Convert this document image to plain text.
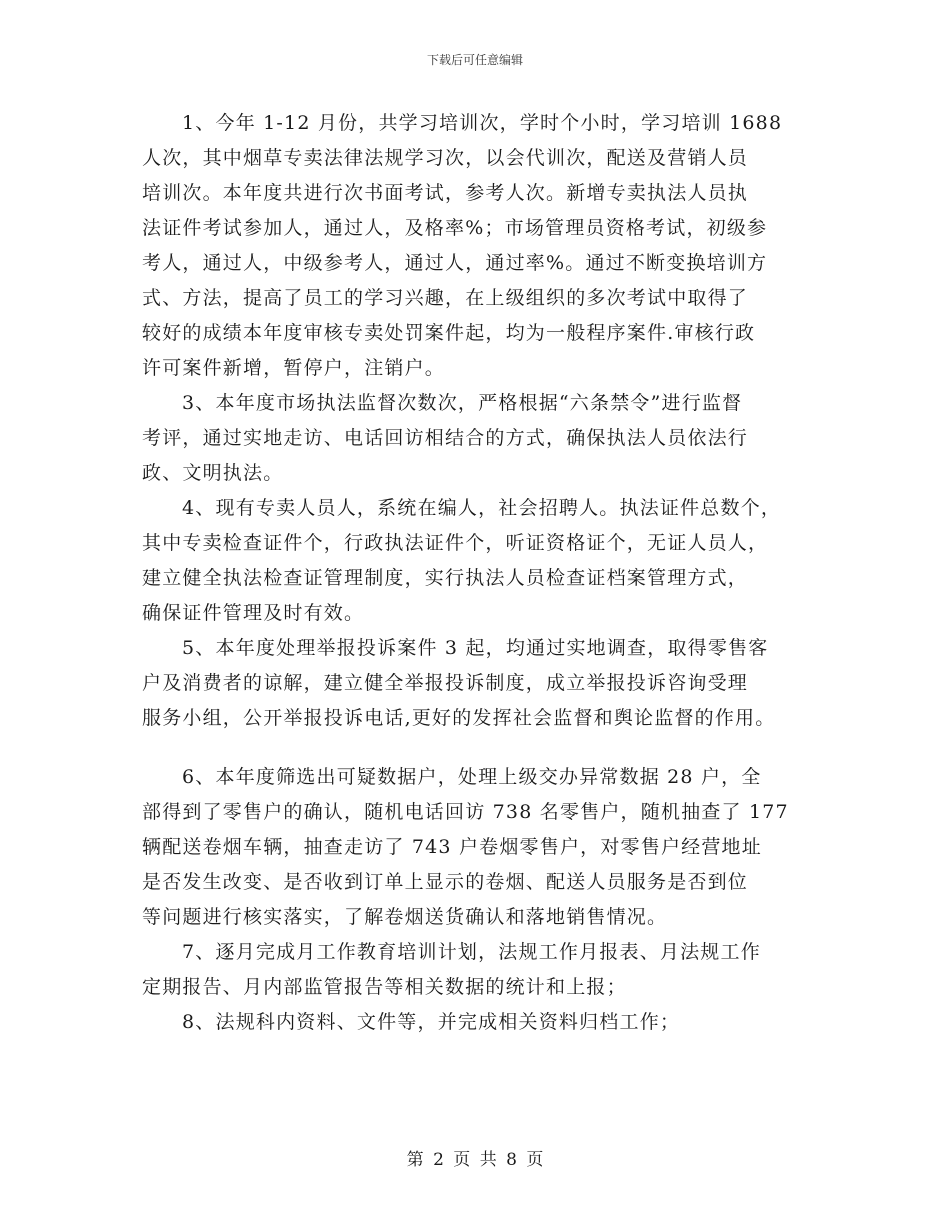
下载后可任意编辑
1、今年 1-12 月份，共学习培训次，学时个小时，学习培训 1688
人次，其中烟草专卖法律法规学习次，以会代训次，配送及营销人员
培训次。本年度共进行次书面考试，参考人次。新增专卖执法人员执
法证件考试参加人，通过人，及格率%；市场管理员资格考试，初级参
考人，通过人，中级参考人，通过人，通过率%。通过不断变换培训方
式、方法，提高了员工的学习兴趣，在上级组织的多次考试中取得了
较好的成绩本年度审核专卖处罚案件起，均为一般程序案件.审核行政
许可案件新增，暂停户，注销户。
3、本年度市场执法监督次数次，严格根据“六条禁令”进行监督
考评，通过实地走访、电话回访相结合的方式，确保执法人员依法行
政、文明执法。
4、现有专卖人员人，系统在编人，社会招聘人。执法证件总数个，
其中专卖检查证件个，行政执法证件个，听证资格证个，无证人员人，
建立健全执法检查证管理制度，实行执法人员检查证档案管理方式，
确保证件管理及时有效。
5、本年度处理举报投诉案件 3 起，均通过实地调查，取得零售客
户及消费者的谅解，建立健全举报投诉制度，成立举报投诉咨询受理
服务小组，公开举报投诉电话,更好的发挥社会监督和舆论监督的作用。
6、本年度筛选出可疑数据户，处理上级交办异常数据 28 户，全
部得到了零售户的确认，随机电话回访 738 名零售户，随机抽查了 177
辆配送卷烟车辆，抽查走访了 743 户卷烟零售户，对零售户经营地址
是否发生改变、是否收到订单上显示的卷烟、配送人员服务是否到位
等问题进行核实落实，了解卷烟送货确认和落地销售情况。
7、逐月完成月工作教育培训计划，法规工作月报表、月法规工作
定期报告、月内部监管报告等相关数据的统计和上报；
8、法规科内资料、文件等，并完成相关资料归档工作；
第 2 页 共 8 页
